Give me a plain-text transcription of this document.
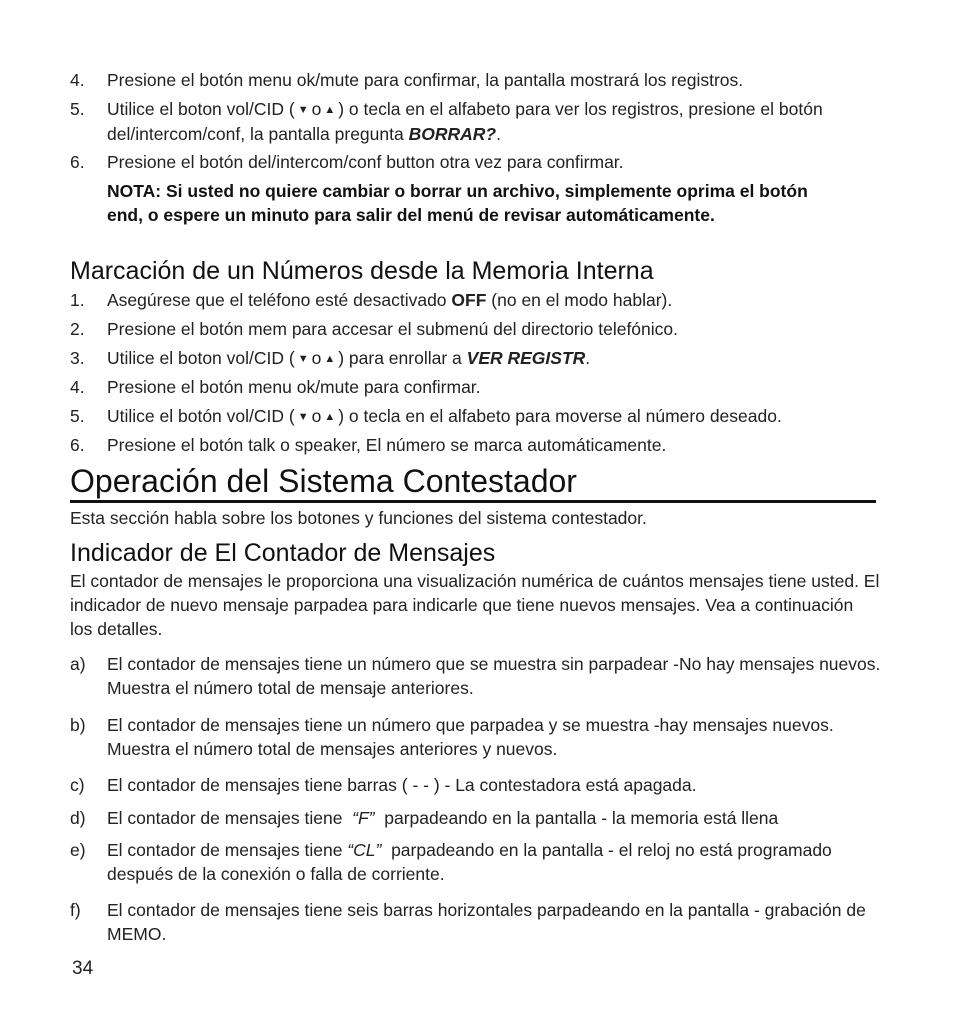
4.	Presione el botón menu ok/mute para confirmar, la pantalla mostrará los registros.
5.	Utilice el boton vol/CID ( ▼ o ▲ ) o tecla en el alfabeto para ver los registros, presione el botón del/intercom/conf, la pantalla pregunta BORRAR?.
6.	Presione el botón del/intercom/conf button otra vez para confirmar.
NOTA: Si usted no quiere cambiar o borrar un archivo, simplemente oprima el botón end, o espere un minuto para salir del menú de revisar automáticamente.
Marcación de un Números desde la Memoria Interna
1.	Asegúrese que el teléfono esté desactivado OFF (no en el modo hablar).
2.	Presione el botón mem para accesar el submenú del directorio telefónico.
3.	Utilice el boton vol/CID ( ▼ o ▲ ) para enrollar a VER REGISTR.
4.	Presione el botón menu ok/mute para confirmar.
5.	Utilice el botón vol/CID ( ▼ o ▲ ) o tecla en el alfabeto para moverse al número deseado.
6.	Presione el botón talk o speaker, El número se marca automáticamente.
Operación del Sistema Contestador
Esta sección habla sobre los botones y funciones del sistema contestador.
Indicador de El Contador de Mensajes
El contador de mensajes le proporciona una visualización numérica de cuántos mensajes tiene usted. El indicador de nuevo mensaje parpadea para indicarle que tiene nuevos mensajes. Vea a continuación los detalles.
a)	El contador de mensajes tiene un número que se muestra sin parpadear -No hay mensajes nuevos. Muestra el número total de mensaje anteriores.
b)	El contador de mensajes tiene un número que parpadea y se muestra -hay mensajes nuevos. Muestra el número total de mensajes anteriores y nuevos.
c)	El contador de mensajes tiene barras ( - - ) - La contestadora está apagada.
d)	El contador de mensajes tiene “F” parpadeando en la pantalla - la memoria está llena
e)	El contador de mensajes tiene “CL” parpadeando en la pantalla - el reloj no está programado después de la conexión o falla de corriente.
f)	El contador de mensajes tiene seis barras horizontales parpadeando en la pantalla - grabación de MEMO.
34
